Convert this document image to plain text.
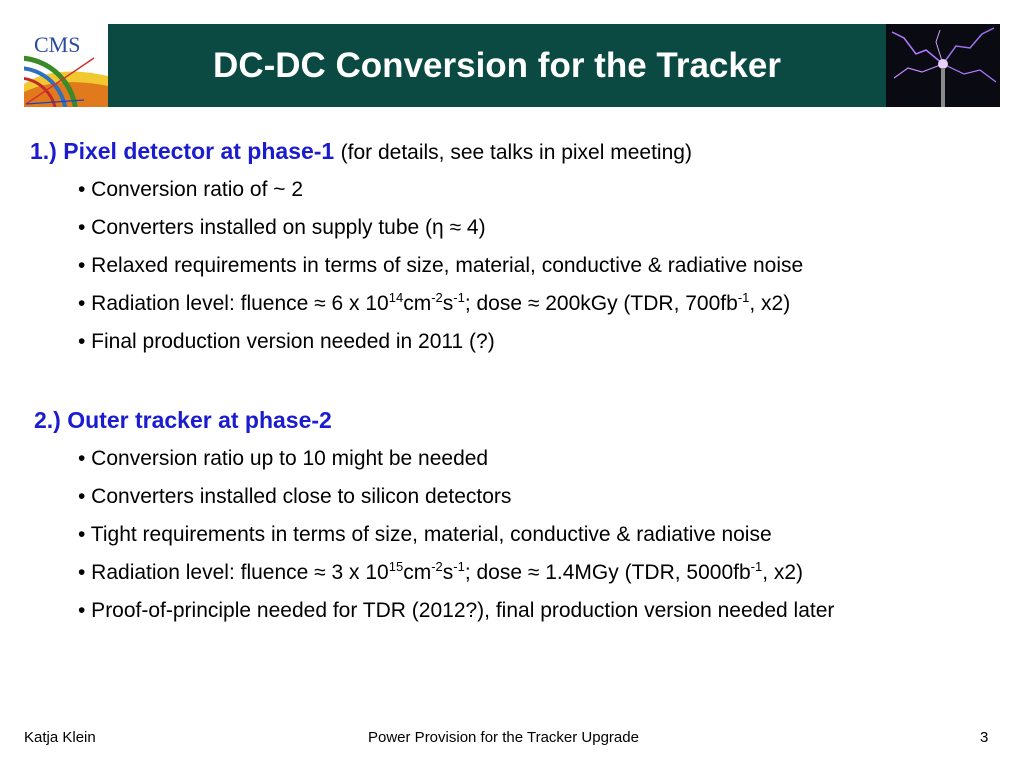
CMS
DC-DC Conversion for the Tracker
1.) Pixel detector at phase-1 (for details, see talks in pixel meeting)
• Conversion ratio of ~ 2
• Converters installed on supply tube (η ≈ 4)
• Relaxed requirements in terms of size, material, conductive & radiative noise
• Radiation level: fluence ≈ 6 x $10^{14}cm^{-2}s^{-1}$; dose ≈ 200kGy (TDR, $700fb^{-1}$, x2)
• Final production version needed in 2011 (?)
2.) Outer tracker at phase-2
• Conversion ratio up to 10 might be needed
• Converters installed close to silicon detectors
• Tight requirements in terms of size, material, conductive & radiative noise
• Radiation level: fluence ≈ 3 x $10^{15}cm^{-2}s^{-1}$; dose ≈ 1.4MGy (TDR, $5000fb^{-1}$, x2)
• Proof-of-principle needed for TDR (2012?), final production version needed later
Katja Klein	Power Provision for the Tracker Upgrade	3
